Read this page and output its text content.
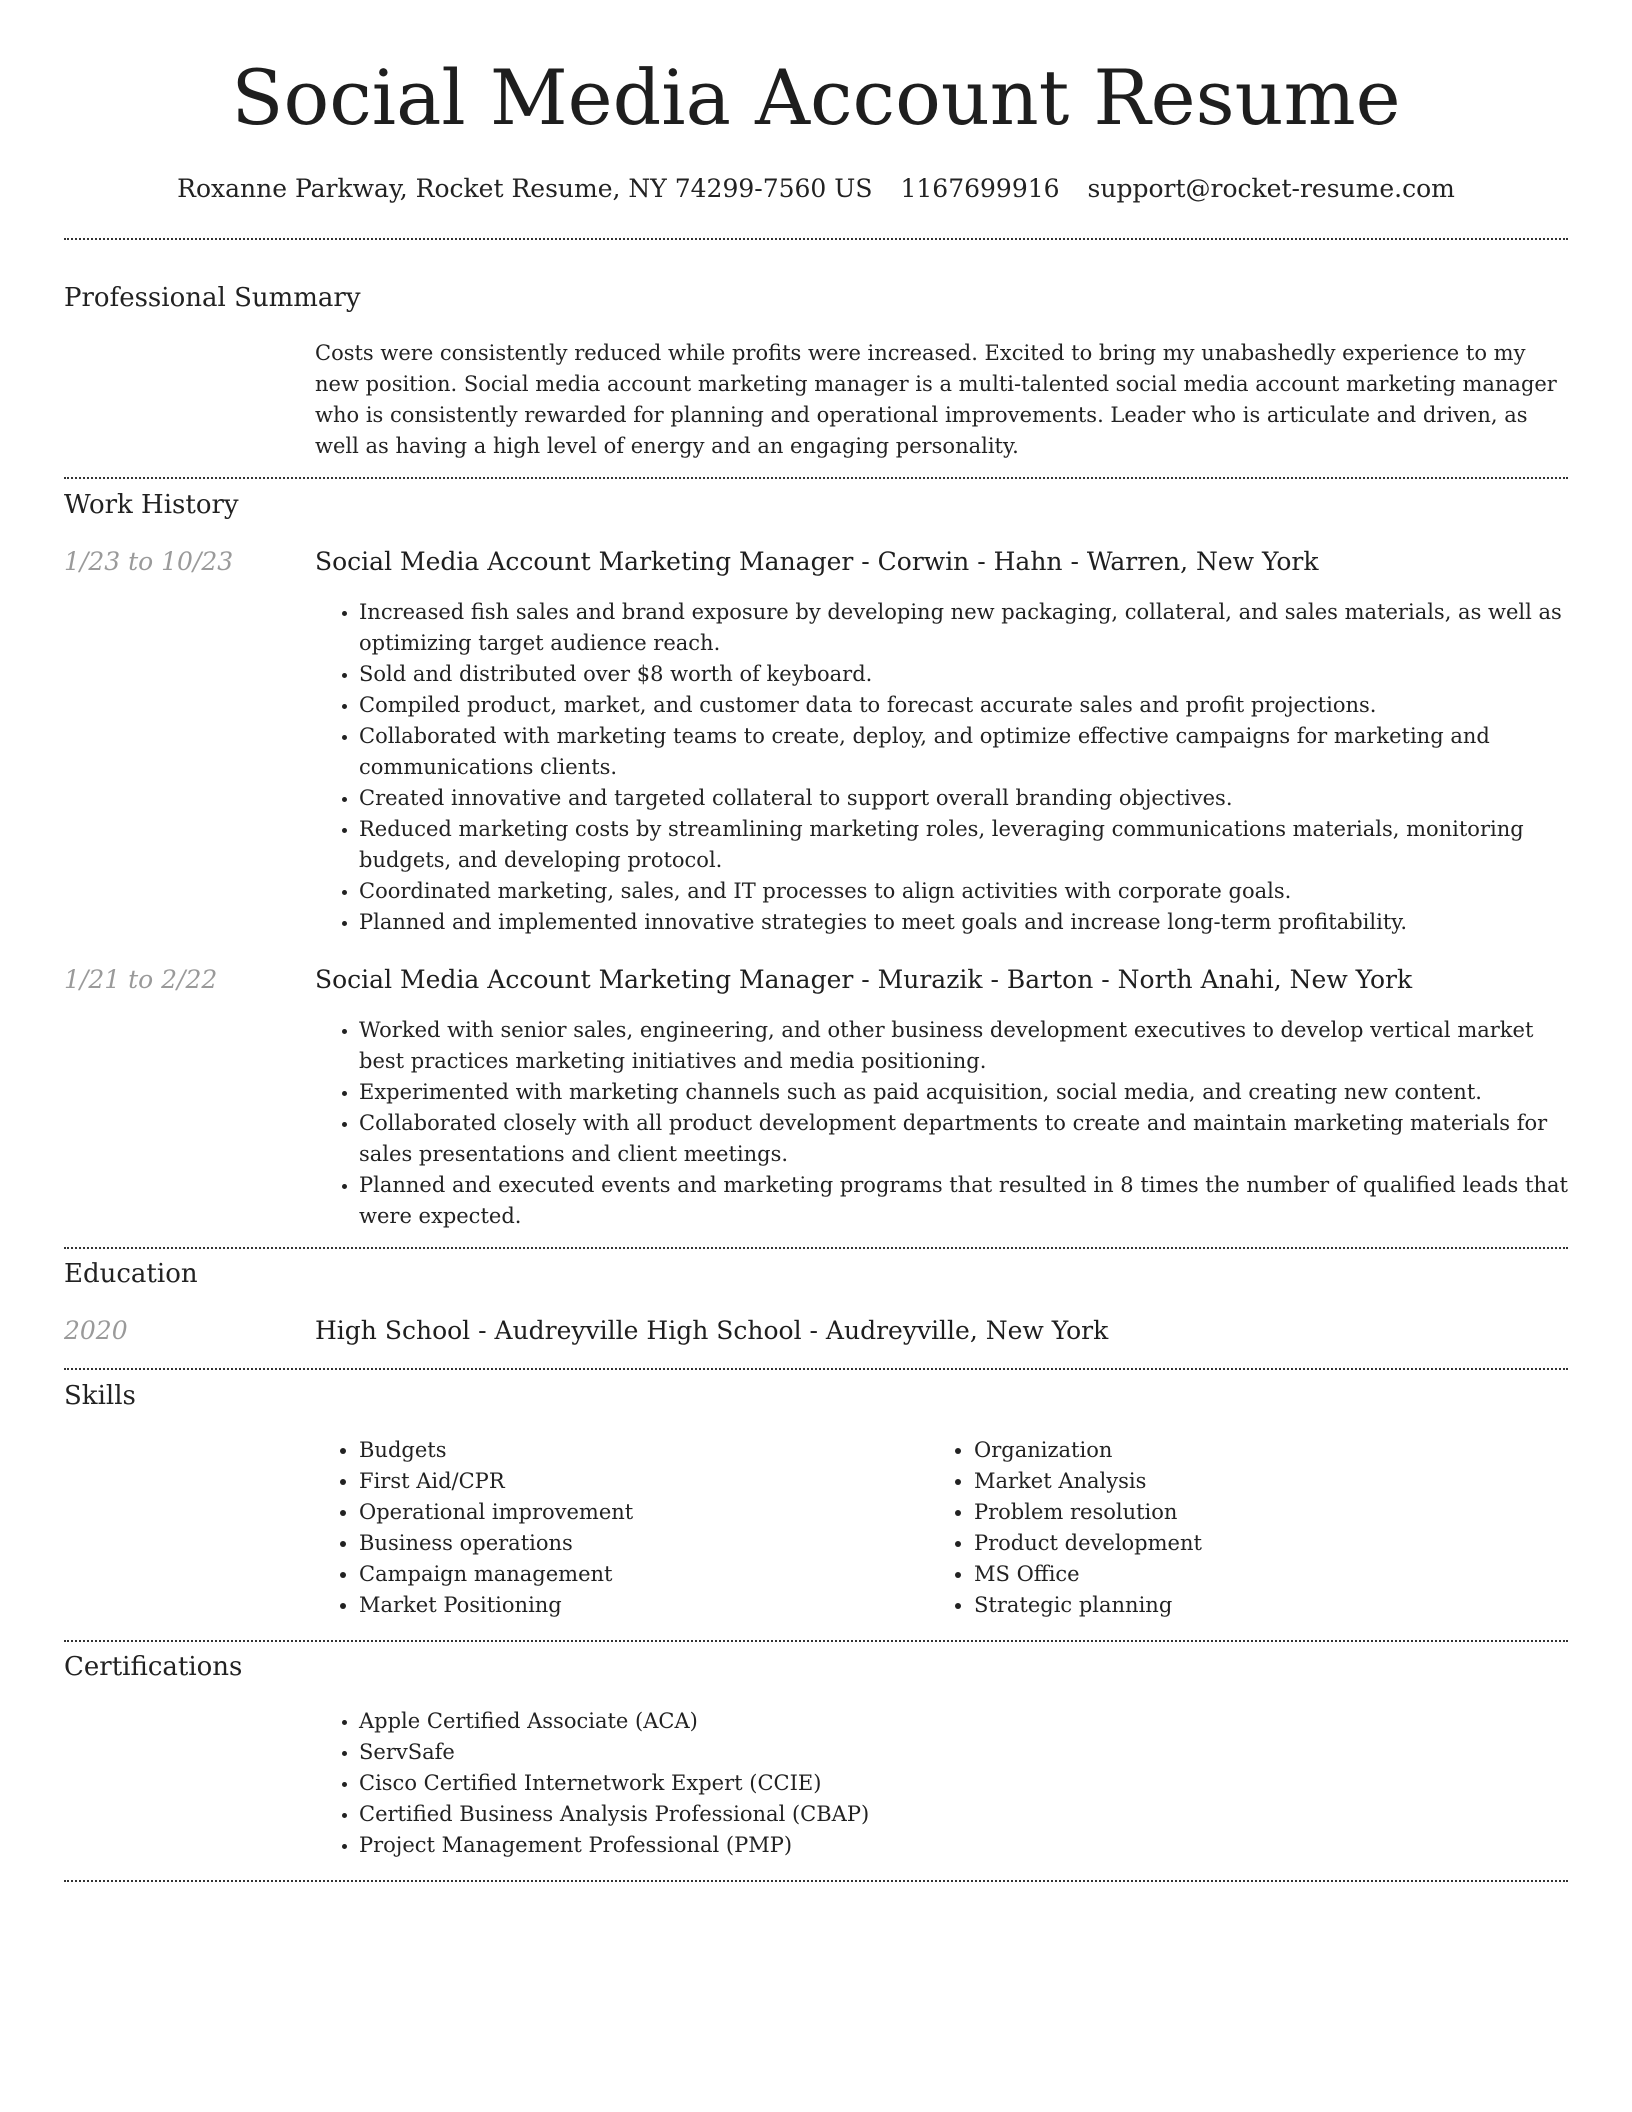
Social Media Account Resume
Roxanne Parkway, Rocket Resume, NY 74299-7560 US 1167699916 support@rocket-resume.com
Professional Summary

Costs were consistently reduced while profits were increased. Excited to bring my unabashedly experience to my new position. Social media account marketing manager is a multi-talented social media account marketing manager who is consistently rewarded for planning and operational improvements. Leader who is articulate and driven, as well as having a high level of energy and an engaging personality.

Work History
1/23 to 10/23	Social Media Account Marketing Manager - Corwin - Hahn - Warren, New York
• Increased fish sales and brand exposure by developing new packaging, collateral, and sales materials, as well as optimizing target audience reach.
• Sold and distributed over $8 worth of keyboard.
• Compiled product, market, and customer data to forecast accurate sales and profit projections.
• Collaborated with marketing teams to create, deploy, and optimize effective campaigns for marketing and communications clients.
• Created innovative and targeted collateral to support overall branding objectives.
• Reduced marketing costs by streamlining marketing roles, leveraging communications materials, monitoring budgets, and developing protocol.
• Coordinated marketing, sales, and IT processes to align activities with corporate goals.
• Planned and implemented innovative strategies to meet goals and increase long-term profitability.
1/21 to 2/22	Social Media Account Marketing Manager - Murazik - Barton - North Anahi, New York
• Worked with senior sales, engineering, and other business development executives to develop vertical market best practices marketing initiatives and media positioning.
• Experimented with marketing channels such as paid acquisition, social media, and creating new content.
• Collaborated closely with all product development departments to create and maintain marketing materials for sales presentations and client meetings.
• Planned and executed events and marketing programs that resulted in 8 times the number of qualified leads that were expected.
Education
2020	High School - Audreyville High School - Audreyville, New York
Skills
• Budgets
• First Aid/CPR
• Operational improvement
• Business operations
• Campaign management
• Market Positioning
• Organization
• Market Analysis
• Problem resolution
• Product development
• MS Office
• Strategic planning
Certifications
• Apple Certified Associate (ACA)
• ServSafe
• Cisco Certified Internetwork Expert (CCIE)
• Certified Business Analysis Professional (CBAP)
• Project Management Professional (PMP)
